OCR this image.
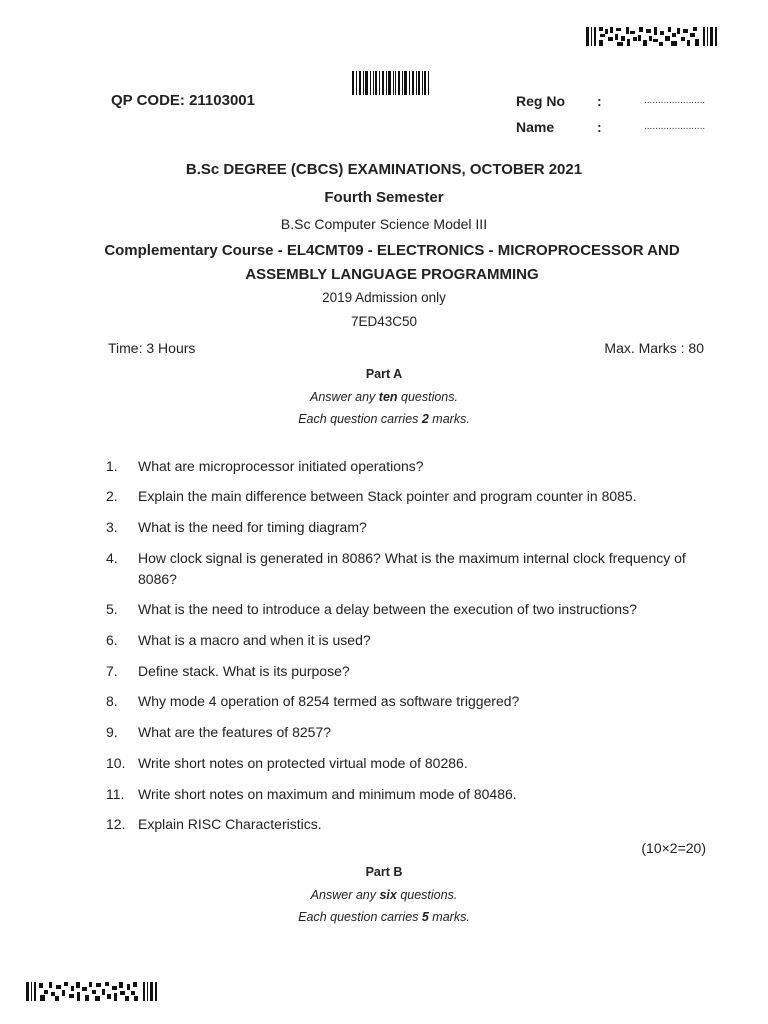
QP CODE: 21103001	Reg No :	......................
Name	:	......................
B.Sc DEGREE (CBCS) EXAMINATIONS, OCTOBER 2021
Fourth Semester
B.Sc Computer Science Model III
Complementary Course - EL4CMT09 - ELECTRONICS - MICROPROCESSOR AND
ASSEMBLY LANGUAGE PROGRAMMING
2019 Admission only
7ED43C50
Time: 3 Hours	Max. Marks : 80
Part A
Answer any ten questions.
Each question carries 2 marks.
1. What are microprocessor initiated operations?
2. Explain the main difference between Stack pointer and program counter in 8085.
3. What is the need for timing diagram?
4. How clock signal is generated in 8086? What is the maximum internal clock frequency of 8086?
5. What is the need to introduce a delay between the execution of two instructions?
6. What is a macro and when it is used?
7. Define stack. What is its purpose?
8. Why mode 4 operation of 8254 termed as software triggered?
9. What are the features of 8257?
10. Write short notes on protected virtual mode of 80286.
11. Write short notes on maximum and minimum mode of 80486.
12. Explain RISC Characteristics.
(10×2=20)
Part B
Answer any six questions.
Each question carries 5 marks.
